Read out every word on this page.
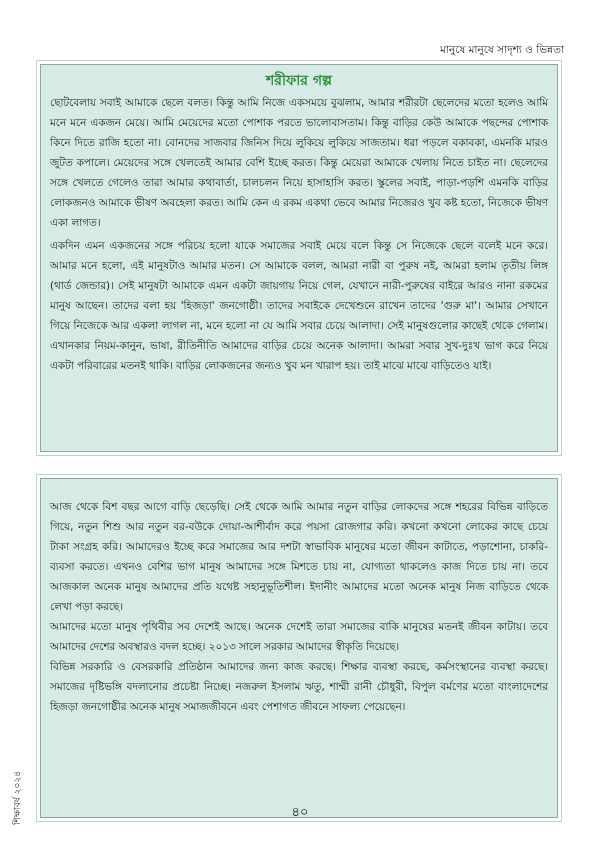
মানুষে মানুষে সাদৃশ্য ও ভিন্নতা
শরীফার গল্প

ছোটবেলায় সবাই আমাকে ছেলে বলত। কিন্তু আমি নিজে একসময়ে বুঝলাম, আমার শরীরটা ছেলেদের মতো হলেও আমি মনে মনে একজন মেয়ে। আমি মেয়েদের মতো পোশাক পরতে ভালোবাসতাম। কিন্তু বাড়ির কেউ আমাকে পছন্দের পোশাক কিনে দিতে রাজি হতো না। বোনদের সাজবার জিনিস দিয়ে লুকিয়ে লুকিয়ে সাজতাম। ধরা পড়লে বকাবকা, এমনকি মারও জুটত কপালে। মেয়েদের সঙ্গে খেলতেই আমার বেশি ইচ্ছে করত। কিন্তু মেয়েরা আমাকে খেলায় নিতে চাইত না। ছেলেদের সঙ্গে খেলতে গেলেও তারা আমার কথাবার্তা, চালচলন নিয়ে হাসাহাসি করত। স্কুলের সবাই, পাড়া-পড়শি এমনকি বাড়ির লোকজনও আমাকে ভীষণ অবহেলা করত। আমি কেন এ রকম একথা ভেবে আমার নিজেরও খুব কষ্ট হতো, নিজেকে ভীষণ একা লাগত।

একদিন এমন একজনের সঙ্গে পরিচয় হলো যাকে সমাজের সবাই মেয়ে বলে কিন্তু সে নিজেকে ছেলে বলেই মনে করে। আমার মনে হলো, এই মানুষটাও আমার মতন। সে আমাকে বলল, আমরা নারী বা পুরুষ নই, আমরা হলাম তৃতীয় লিঙ্গ (থার্ড জেন্ডার)। সেই মানুষটা আমাকে এমন একটা জায়গায় নিয়ে গেল, যেখানে নারী-পুরুষের বাইরে আরও নানা রকমের মানুষ আছেন। তাদের বলা হয় 'হিজড়া' জনগোষ্ঠী। তাদের সবাইকে দেখেশুনে রাখেন তাদের 'গুরু মা'। আমার সেখানে গিয়ে নিজেকে আর একলা লাগল না, মনে হলো না যে আমি সবার চেয়ে আলাদা। সেই মানুষগুলোর কাছেই থেকে গেলাম। এখানকার নিয়ম-কানুন, ভাষা, রীতিনীতি আমাদের বাড়ির চেয়ে অনেক আলাদা। আমরা সবার সুখ-দুঃখ ভাগ করে নিয়ে একটা পরিবারের মতনই থাকি। বাড়ির লোকজনের জন্যও খুব মন খারাপ হয়। তাই মাঝে মাঝে বাড়িতেও যাই।

আজ থেকে বিশ বছর আগে বাড়ি ছেড়েছি। সেই থেকে আমি আমার নতুন বাড়ির লোকদের সঙ্গে শহরের বিভিন্ন বাড়িতে গিয়ে, নতুন শিশু আর নতুন বর-বউকে দোয়া-আশীর্বাদ করে পয়সা রোজগার করি। কখনো কখনো লোকের কাছে চেয়ে টাকা সংগ্রহ করি। আমাদেরও ইচ্ছে করে সমাজের আর দশটা স্বাভাবিক মানুষের মতো জীবন কাটাতে, পড়াশোনা, চাকরি-ব্যবসা করতে। এখনও বেশির ভাগ মানুষ আমাদের সঙ্গে মিশতে চায় না, যোগ্যতা থাকলেও কাজ দিতে চায় না। তবে আজকাল অনেক মানুষ আমাদের প্রতি যথেষ্ট সহানুভূতিশীল। ইদানীং আমাদের মতো অনেক মানুষ নিজ বাড়িতে থেকে লেখা পড়া করছে।

আমাদের মতো মানুষ পৃথিবীর সব দেশেই আছে। অনেক দেশেই তারা সমাজের বাকি মানুষের মতনই জীবন কাটায়। তবে আমাদের দেশের অবস্থারও বদল হচ্ছে। ২০১৩ সালে সরকার আমাদের স্বীকৃতি দিয়েছে।

বিভিন্ন সরকারি ও বেসরকারি প্রতিষ্ঠান আমাদের জন্য কাজ করছে। শিক্ষার ব্যবস্থা করছে, কর্মসংস্থানের ব্যবস্থা করছে। সমাজের দৃষ্টিভঙ্গি বদলানোর প্রচেষ্টা নিচ্ছে। নজরুল ইসলাম ঋতু, শাম্মী রানী চৌধুরী, বিপুল বর্মণের মতো বাংলাদেশের হিজড়া জনগোষ্ঠীর অনেক মানুষ সমাজজীবনে এবং পেশাগত জীবনে সাফল্য পেয়েছেন।

শিক্ষাবর্ষ ২০২৪	৪০
